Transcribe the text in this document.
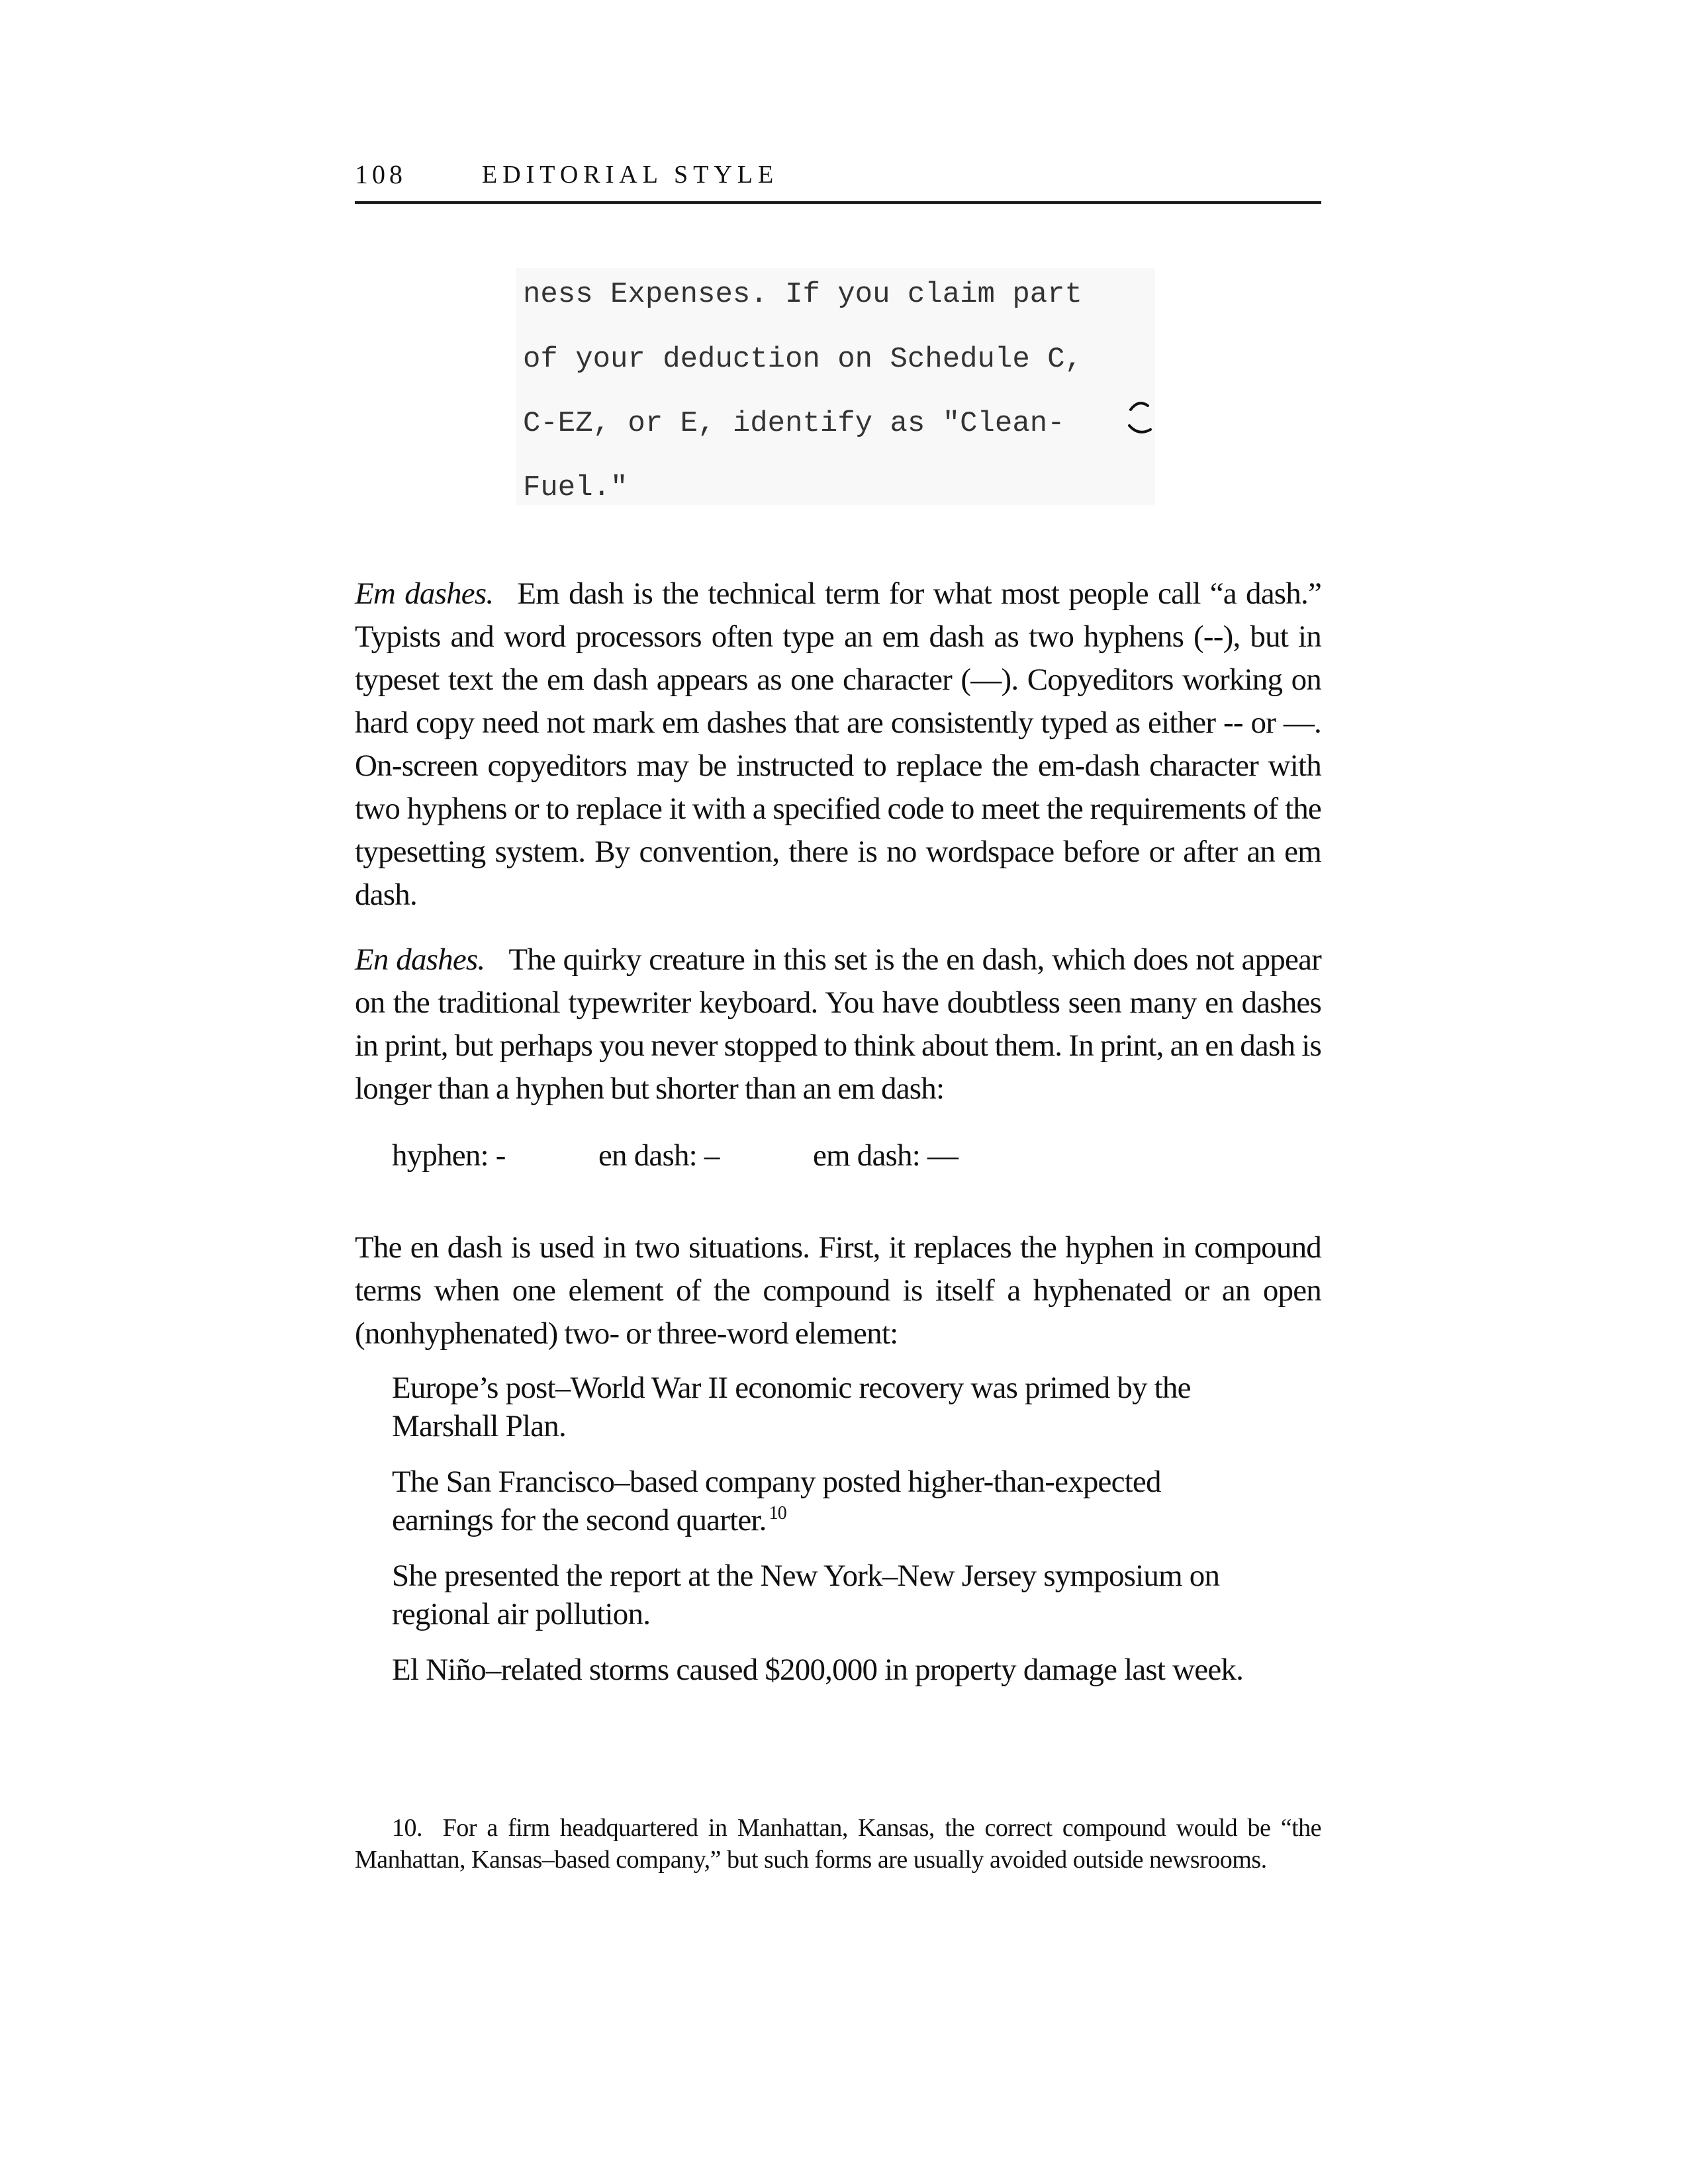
108	EDITORIAL STYLE
ness Expenses. If you claim part
of your deduction on Schedule C,
C-EZ, or E, identify as "Clean-
Fuel."
Em dashes. Em dash is the technical term for what most people call “a dash.” Typists and word processors often type an em dash as two hyphens (--), but in typeset text the em dash appears as one character (—). Copyeditors working on hard copy need not mark em dashes that are consistently typed as either -- or —. On-screen copyeditors may be instructed to replace the em-dash character with two hyphens or to replace it with a specified code to meet the requirements of the typesetting system. By convention, there is no wordspace before or after an em dash.
En dashes. The quirky creature in this set is the en dash, which does not appear on the traditional typewriter keyboard. You have doubtless seen many en dashes in print, but perhaps you never stopped to think about them. In print, an en dash is longer than a hyphen but shorter than an em dash:

hyphen: -

	en dash: –

	em dash: —

The en dash is used in two situations. First, it replaces the hyphen in compound terms when one element of the compound is itself a hyphenated or an open (nonhyphenated) two- or three-word element:
Europe’s post–World War II economic recovery was primed by the Marshall Plan.
The San Francisco–based company posted higher-than-expected earnings for the second quarter. $^{10}$
She presented the report at the New York–New Jersey symposium on regional air pollution.
El Niño–related storms caused $200,000 in property damage last week.
10. For a firm headquartered in Manhattan, Kansas, the correct compound would be “the Manhattan, Kansas–based company,” but such forms are usually avoided outside newsrooms.
